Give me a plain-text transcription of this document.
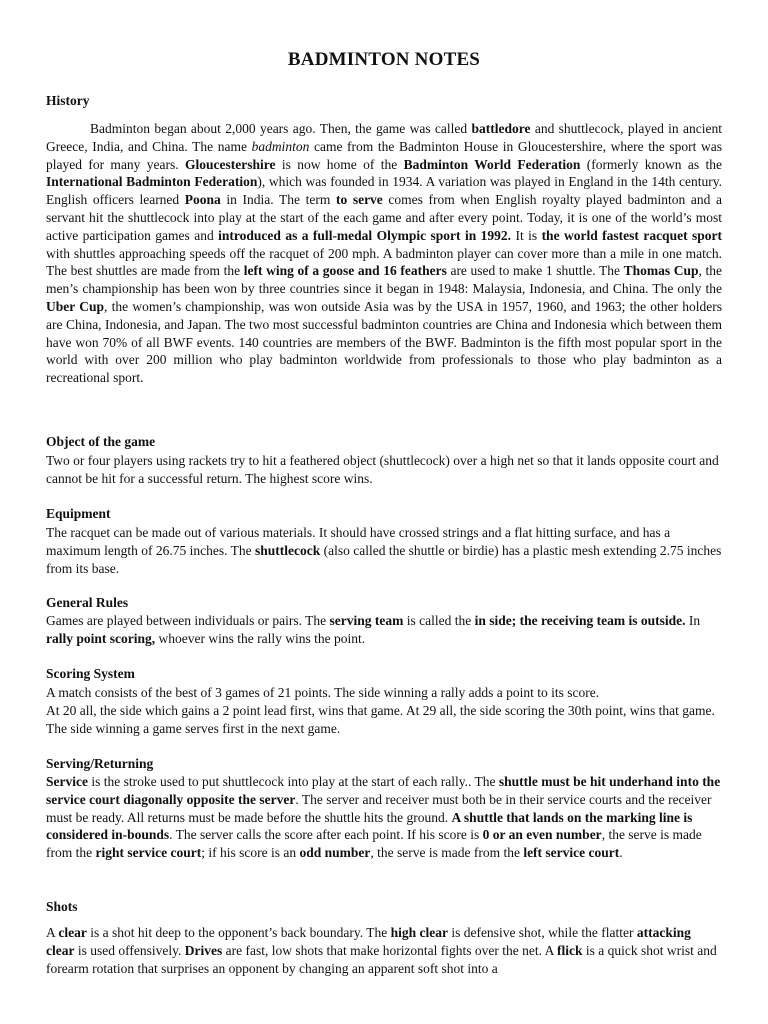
BADMINTON NOTES
History

Badminton began about 2,000 years ago. Then, the game was called battledore and shuttlecock, played in ancient Greece, India, and China. The name badminton came from the Badminton House in Gloucestershire, where the sport was played for many years. Gloucestershire is now home of the Badminton World Federation (formerly known as the International Badminton Federation), which was founded in 1934. A variation was played in England in the 14th century. English officers learned Poona in India. The term to serve comes from when English royalty played badminton and a servant hit the shuttlecock into play at the start of the each game and after every point. Today, it is one of the world’s most active participation games and introduced as a full-medal Olympic sport in 1992. It is the world fastest racquet sport with shuttles approaching speeds off the racquet of 200 mph. A badminton player can cover more than a mile in one match. The best shuttles are made from the left wing of a goose and 16 feathers are used to make 1 shuttle. The Thomas Cup, the men’s championship has been won by three countries since it began in 1948: Malaysia, Indonesia, and China. The only the Uber Cup, the women’s championship, was won outside Asia was by the USA in 1957, 1960, and 1963; the other holders are China, Indonesia, and Japan. The two most successful badminton countries are China and Indonesia which between them have won 70% of all BWF events. 140 countries are members of the BWF. Badminton is the fifth most popular sport in the world with over 200 million who play badminton worldwide from professionals to those who play badminton as a recreational sport.

Object of the game

Two or four players using rackets try to hit a feathered object (shuttlecock) over a high net so that it lands opposite court and cannot be hit for a successful return. The highest score wins.

Equipment

The racquet can be made out of various materials. It should have crossed strings and a flat hitting surface, and has a maximum length of 26.75 inches. The shuttlecock (also called the shuttle or birdie) has a plastic mesh extending 2.75 inches from its base.

General Rules

Games are played between individuals or pairs. The serving team is called the in side; the receiving team is outside. In rally point scoring, whoever wins the rally wins the point.

Scoring System

A match consists of the best of 3 games of 21 points. The side winning a rally adds a point to its score.
At 20 all, the side which gains a 2 point lead first, wins that game. At 29 all, the side scoring the 30th point, wins that game. The side winning a game serves first in the next game.

Serving/Returning

Service is the stroke used to put shuttlecock into play at the start of each rally.. The shuttle must be hit underhand into the service court diagonally opposite the server. The server and receiver must both be in their service courts and the receiver must be ready. All returns must be made before the shuttle hits the ground. A shuttle that lands on the marking line is considered in-bounds. The server calls the score after each point. If his score is 0 or an even number, the serve is made from the right service court; if his score is an odd number, the serve is made from the left service court.

Shots

A clear is a shot hit deep to the opponent’s back boundary. The high clear is defensive shot, while the flatter attacking clear is used offensively. Drives are fast, low shots that make horizontal fights over the net. A flick is a quick shot wrist and forearm rotation that surprises an opponent by changing an apparent soft shot into a
